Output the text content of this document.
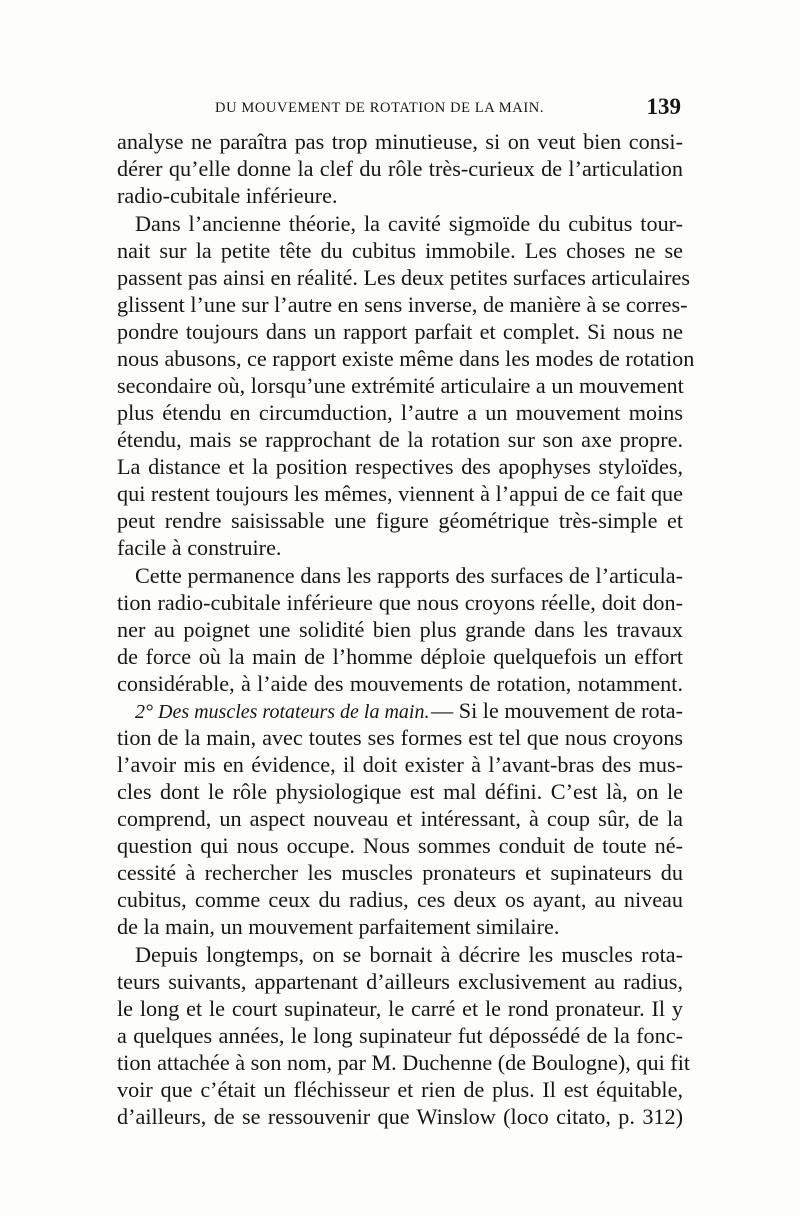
DU MOUVEMENT DE ROTATION DE LA MAIN.	139
analyse ne paraîtra pas trop minutieuse, si on veut bien consi-
dérer qu’elle donne la clef du rôle très-curieux de l’articulation
radio-cubitale inférieure.
Dans l’ancienne théorie, la cavité sigmoïde du cubitus tour-
nait sur la petite tête du cubitus immobile. Les choses ne se
passent pas ainsi en réalité. Les deux petites surfaces articulaires
glissent l’une sur l’autre en sens inverse, de manière à se corres-
pondre toujours dans un rapport parfait et complet. Si nous ne
nous abusons, ce rapport existe même dans les modes de rotation
secondaire où, lorsqu’une extrémité articulaire a un mouvement
plus étendu en circumduction, l’autre a un mouvement moins
étendu, mais se rapprochant de la rotation sur son axe propre.
La distance et la position respectives des apophyses styloïdes,
qui restent toujours les mêmes, viennent à l’appui de ce fait que
peut rendre saisissable une figure géométrique très-simple et
facile à construire.
Cette permanence dans les rapports des surfaces de l’articula-
tion radio-cubitale inférieure que nous croyons réelle, doit don-
ner au poignet une solidité bien plus grande dans les travaux
de force où la main de l’homme déploie quelquefois un effort
considérable, à l’aide des mouvements de rotation, notamment.
2° Des muscles rotateurs de la main.— Si le mouvement de rota-
tion de la main, avec toutes ses formes est tel que nous croyons
l’avoir mis en évidence, il doit exister à l’avant-bras des mus-
cles dont le rôle physiologique est mal défini. C’est là, on le
comprend, un aspect nouveau et intéressant, à coup sûr, de la
question qui nous occupe. Nous sommes conduit de toute né-
cessité à rechercher les muscles pronateurs et supinateurs du
cubitus, comme ceux du radius, ces deux os ayant, au niveau
de la main, un mouvement parfaitement similaire.
Depuis longtemps, on se bornait à décrire les muscles rota-
teurs suivants, appartenant d’ailleurs exclusivement au radius,
le long et le court supinateur, le carré et le rond pronateur. Il y
a quelques années, le long supinateur fut dépossédé de la fonc-
tion attachée à son nom, par M. Duchenne (de Boulogne), qui fit
voir que c’était un fléchisseur et rien de plus. Il est équitable,
d’ailleurs, de se ressouvenir que Winslow (loco citato, p. 312)
